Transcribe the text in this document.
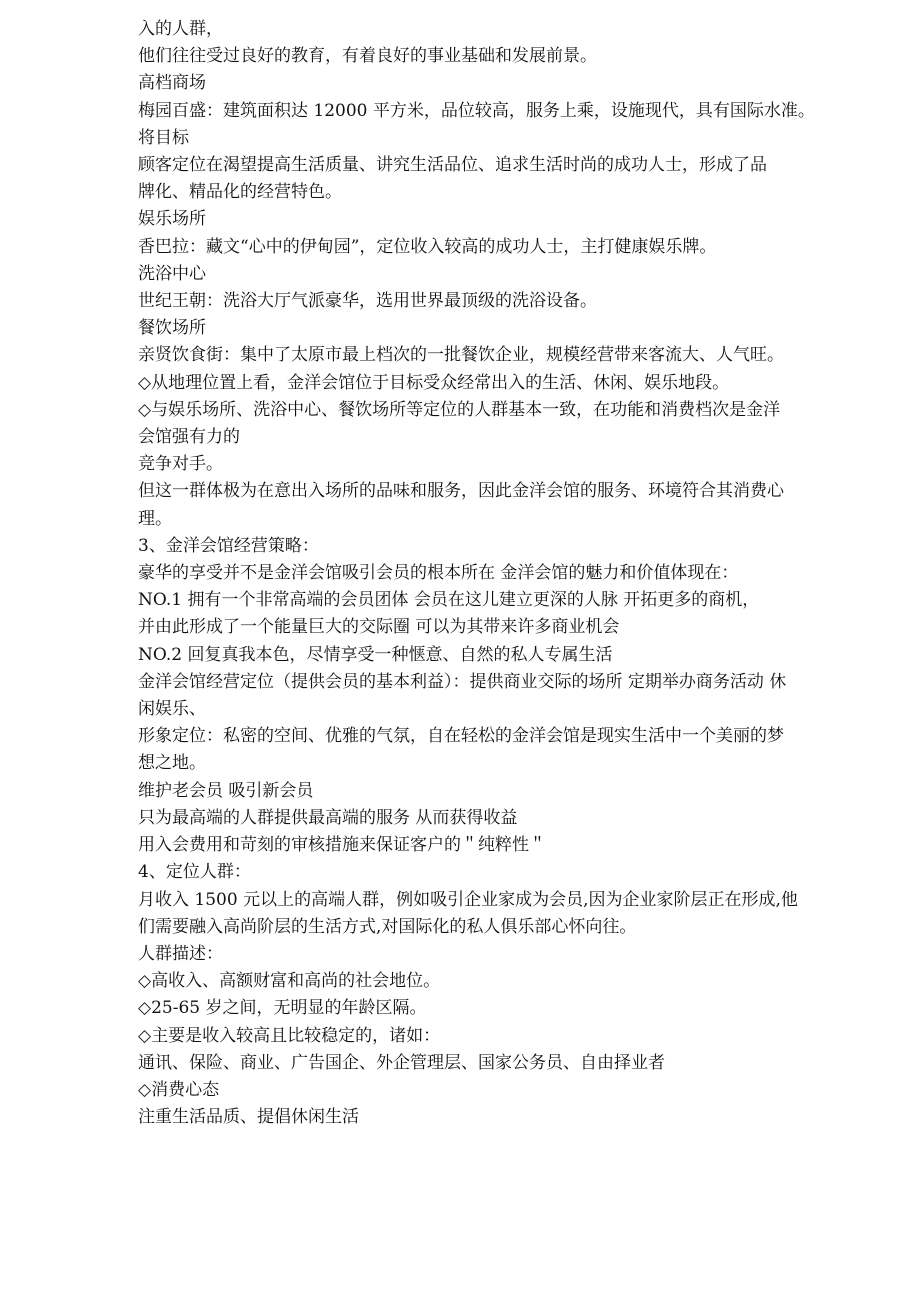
入的人群，

他们往往受过良好的教育，有着良好的事业基础和发展前景。

高档商场

梅园百盛：建筑面积达 12000 平方米，品位较高，服务上乘，设施现代，具有国际水准。

将目标

顾客定位在渴望提高生活质量、讲究生活品位、追求生活时尚的成功人士，形成了品

牌化、精品化的经营特色。

娱乐场所

香巴拉：藏文“心中的伊甸园”，定位收入较高的成功人士，主打健康娱乐牌。

洗浴中心

世纪王朝：洗浴大厅气派豪华，选用世界最顶级的洗浴设备。

餐饮场所

亲贤饮食街：集中了太原市最上档次的一批餐饮企业，规模经营带来客流大、人气旺。

◇从地理位置上看，金洋会馆位于目标受众经常出入的生活、休闲、娱乐地段。

◇与娱乐场所、洗浴中心、餐饮场所等定位的人群基本一致，在功能和消费档次是金洋

会馆强有力的

竞争对手。

但这一群体极为在意出入场所的品味和服务，因此金洋会馆的服务、环境符合其消费心

理。

3、金洋会馆经营策略：

豪华的享受并不是金洋会馆吸引会员的根本所在 金洋会馆的魅力和价值体现在：

NO.1 拥有一个非常高端的会员团体 会员在这儿建立更深的人脉 开拓更多的商机，

并由此形成了一个能量巨大的交际圈 可以为其带来许多商业机会

NO.2 回复真我本色，尽情享受一种惬意、自然的私人专属生活

金洋会馆经营定位（提供会员的基本利益）：提供商业交际的场所 定期举办商务活动 休

闲娱乐、

形象定位：私密的空间、优雅的气氛，自在轻松的金洋会馆是现实生活中一个美丽的梦

想之地。

维护老会员 吸引新会员

只为最高端的人群提供最高端的服务 从而获得收益

用入会费用和苛刻的审核措施来保证客户的＂纯粹性＂

4、定位人群：

月收入 1500 元以上的高端人群，例如吸引企业家成为会员,因为企业家阶层正在形成,他

们需要融入高尚阶层的生活方式,对国际化的私人俱乐部心怀向往。

人群描述：

◇高收入、高额财富和高尚的社会地位。

◇25-65 岁之间，无明显的年龄区隔。

◇主要是收入较高且比较稳定的，诸如：

通讯、保险、商业、广告国企、外企管理层、国家公务员、自由择业者

◇消费心态

注重生活品质、提倡休闲生活
